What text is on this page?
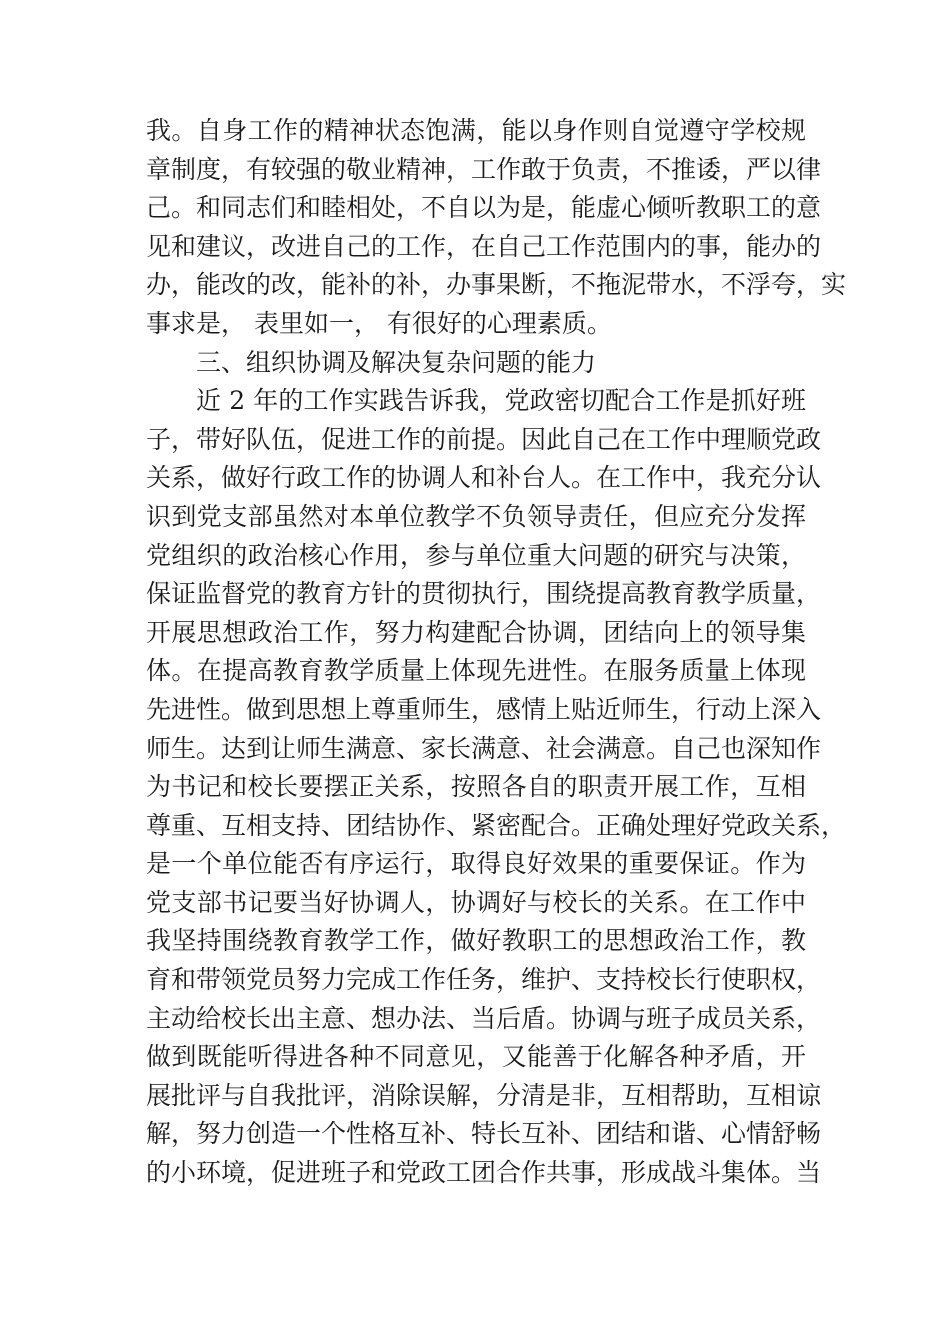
我。自身工作的精神状态饱满，能以身作则自觉遵守学校规
章制度，有较强的敬业精神，工作敢于负责，不推诿，严以律
己。和同志们和睦相处，不自以为是，能虚心倾听教职工的意
见和建议，改进自己的工作，在自己工作范围内的事，能办的
办，能改的改，能补的补，办事果断，不拖泥带水，不浮夸，实
事求是， 表里如一， 有很好的心理素质。
三、组织协调及解决复杂问题的能力
近 2 年的工作实践告诉我，党政密切配合工作是抓好班
子，带好队伍，促进工作的前提。因此自己在工作中理顺党政
关系，做好行政工作的协调人和补台人。在工作中，我充分认
识到党支部虽然对本单位教学不负领导责任，但应充分发挥
党组织的政治核心作用，参与单位重大问题的研究与决策，
保证监督党的教育方针的贯彻执行，围绕提高教育教学质量，
开展思想政治工作，努力构建配合协调，团结向上的领导集
体。在提高教育教学质量上体现先进性。在服务质量上体现
先进性。做到思想上尊重师生，感情上贴近师生，行动上深入
师生。达到让师生满意、家长满意、社会满意。自己也深知作
为书记和校长要摆正关系，按照各自的职责开展工作，互相
尊重、互相支持、团结协作、紧密配合。正确处理好党政关系，
是一个单位能否有序运行，取得良好效果的重要保证。作为
党支部书记要当好协调人，协调好与校长的关系。在工作中
我坚持围绕教育教学工作，做好教职工的思想政治工作，教
育和带领党员努力完成工作任务，维护、支持校长行使职权，
主动给校长出主意、想办法、当后盾。协调与班子成员关系，
做到既能听得进各种不同意见，又能善于化解各种矛盾，开
展批评与自我批评，消除误解，分清是非，互相帮助，互相谅
解，努力创造一个性格互补、特长互补、团结和谐、心情舒畅
的小环境，促进班子和党政工团合作共事，形成战斗集体。当
